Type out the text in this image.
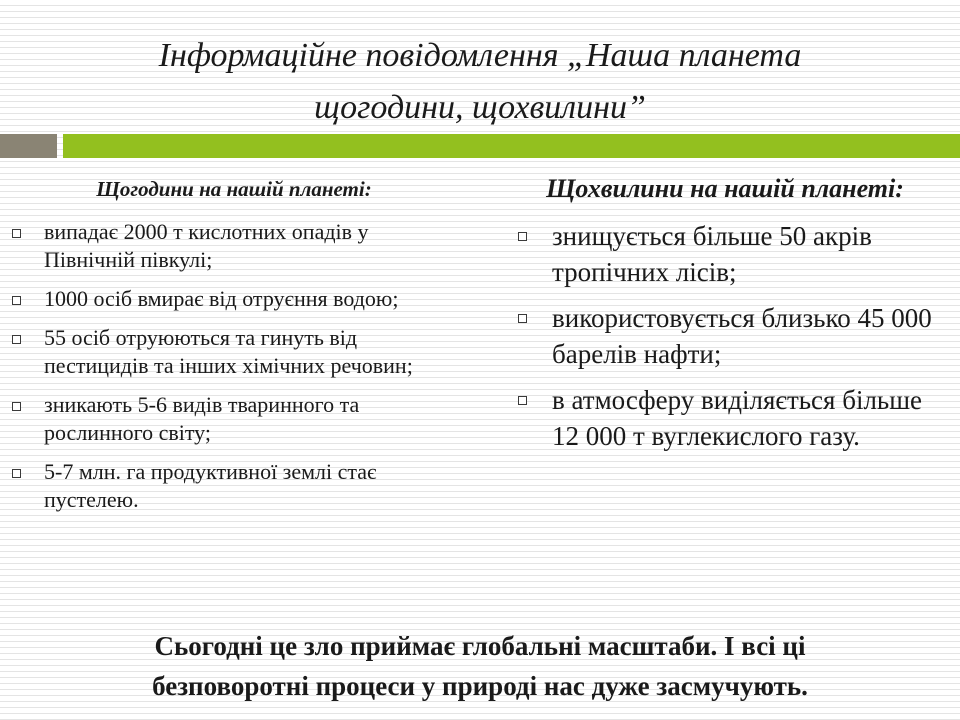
Інформаційне повідомлення „Наша планета
щогодини, щохвилини”

Щогодини на нашій планеті:

випадає 2000 т кислотних опадів у Північній півкулі;
1000 осіб вмирає від отруєння водою;
55 осіб отруюються та гинуть від пестицидів та інших хімічних речовин;
зникають 5-6 видів тваринного та рослинного світу;
5-7 млн. га продуктивної землі стає пустелею.

Щохвилини на нашій планеті:

знищується більше 50 акрів тропічних лісів;
використовується близько 45 000 барелів нафти;
в атмосферу виділяється більше 12 000 т вуглекислого газу.

Сьогодні це зло приймає глобальні масштаби. І всі ці
безповоротні процеси у природі нас дуже засмучують.
